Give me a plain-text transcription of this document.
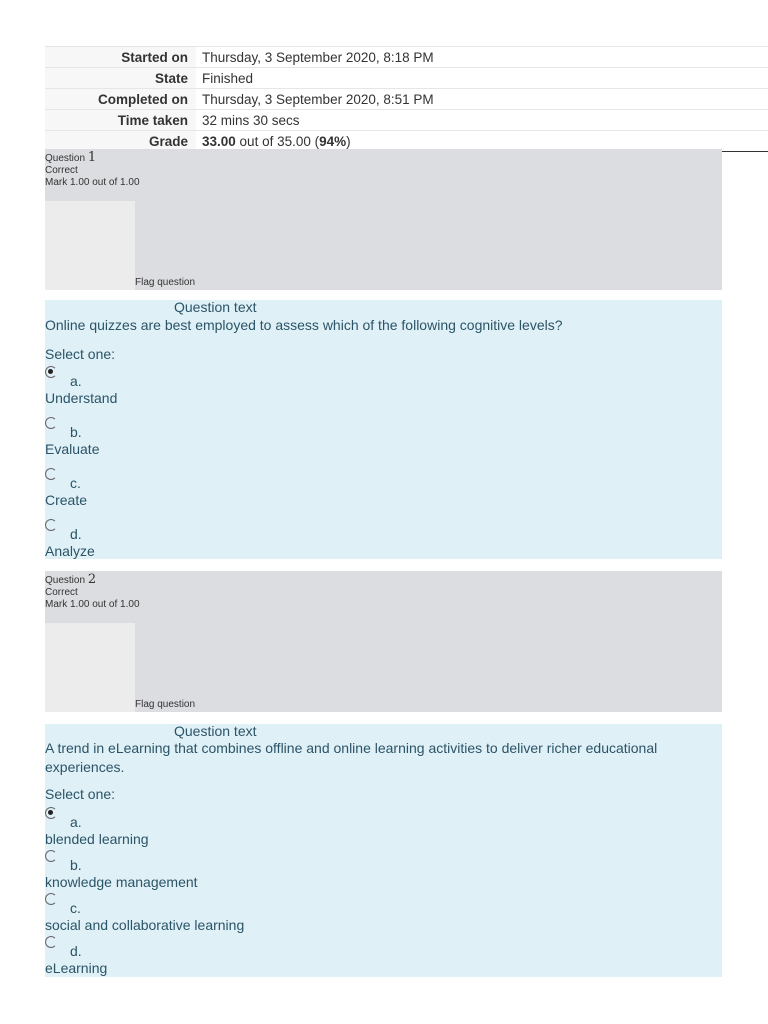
Started on	Thursday, 3 September 2020, 8:18 PM
State	Finished
Completed on	Thursday, 3 September 2020, 8:51 PM
Time taken	32 mins 30 secs
Grade	33.00 out of 35.00 (94%)
Question 1
Correct
Mark 1.00 out of 1.00
Flag question
Question text
Online quizzes are best employed to assess which of the following cognitive levels?
Select one:
a.
Understand
b.
Evaluate
c.
Create
d.
Analyze
Question 2
Correct
Mark 1.00 out of 1.00
Flag question
Question text
A trend in eLearning that combines offline and online learning activities to deliver richer educational experiences.
Select one:
a.
blended learning
b.
knowledge management
c.
social and collaborative learning
d.
eLearning
